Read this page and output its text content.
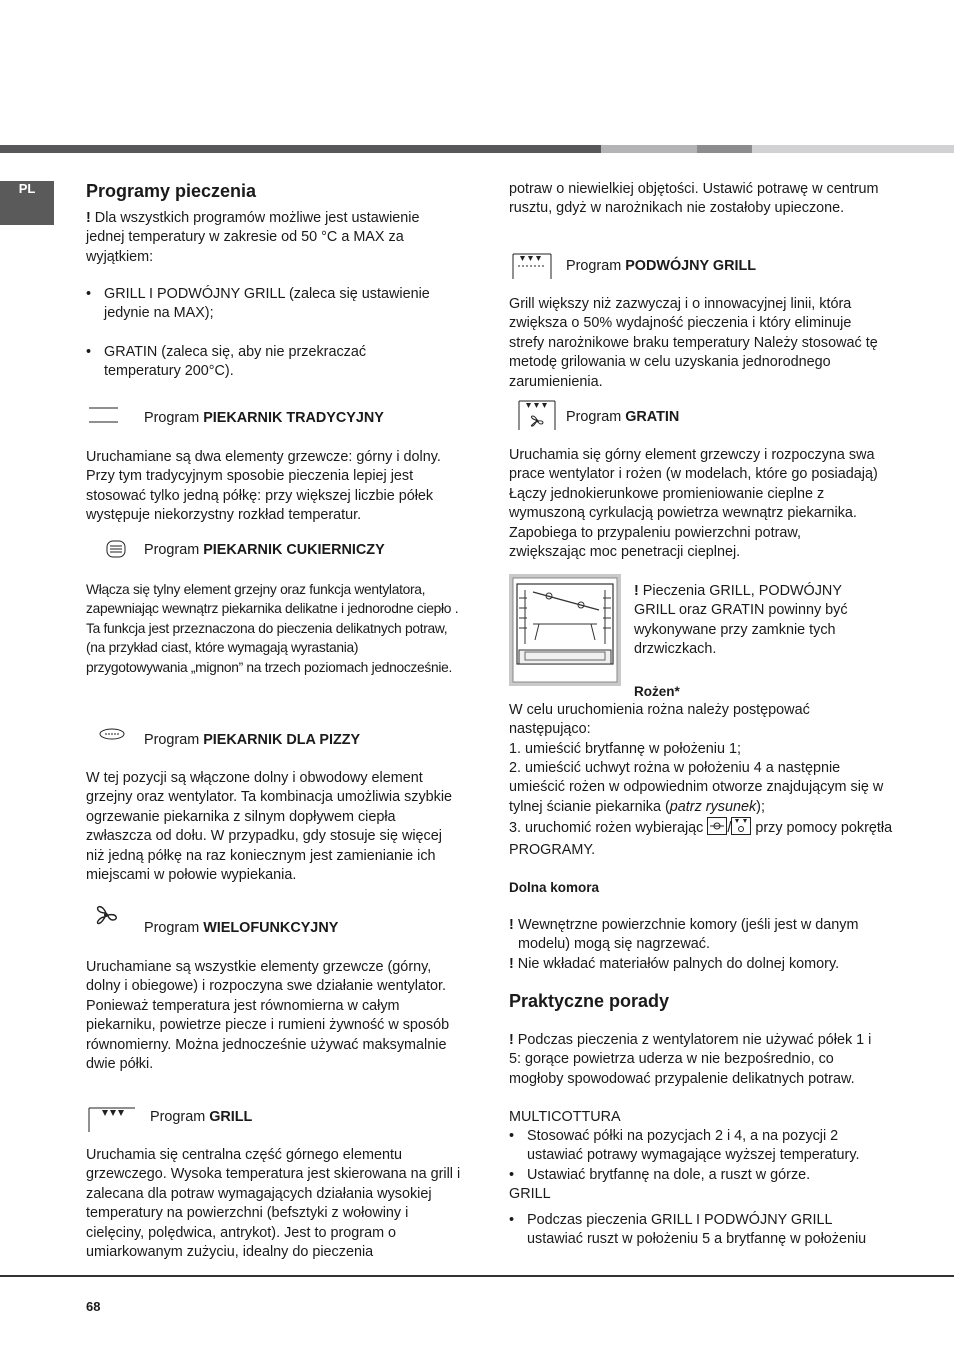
PL	Programy pieczenia
! Dla wszystkich programów możliwe jest ustawienie jednej temperatury w zakresie od 50 °C a MAX za wyjątkiem:
• GRILL I PODWÓJNY GRILL (zaleca się ustawienie jedynie na MAX);
• GRATIN (zaleca się, aby nie przekraczać temperatury 200°C).
Program PIEKARNIK TRADYCYJNY
Uruchamiane są dwa elementy grzewcze: górny i dolny. Przy tym tradycyjnym sposobie pieczenia lepiej jest stosować tylko jedną półkę: przy większej liczbie półek występuje niekorzystny rozkład temperatur.
Program PIEKARNIK CUKIERNICZY
Włącza się tylny element grzejny oraz funkcja wentylatora, zapewniając wewnątrz piekarnika delikatne i jednorodne ciepło . Ta funkcja jest przeznaczona do pieczenia delikatnych potraw, (na przykład ciast, które wymagają wyrastania) przygotowywania „mignon” na trzech poziomach jednocześnie.
Program PIEKARNIK DLA PIZZY
W tej pozycji są włączone dolny i obwodowy element grzejny oraz wentylator. Ta kombinacja umożliwia szybkie ogrzewanie piekarnika z silnym dopływem ciepła zwłaszcza od dołu. W przypadku, gdy stosuje się więcej niż jedną półkę na raz koniecznym jest zamienianie ich miejscami w połowie wypiekania.
Program WIELOFUNKCYJNY
Uruchamiane są wszystkie elementy grzewcze (górny, dolny i obiegowe) i rozpoczyna swe działanie wentylator. Ponieważ temperatura jest równomierna w całym piekarniku, powietrze piecze i rumieni żywność w sposób równomierny. Można jednocześnie używać maksymalnie dwie półki.
Program GRILL
Uruchamia się centralna część górnego elementu grzewczego. Wysoka temperatura jest skierowana na grill i zalecana dla potraw wymagających działania wysokiej temperatury na powierzchni (befsztyki z wołowiny i cielęciny, polędwica, antrykot). Jest to program o umiarkowanym zużyciu, idealny do pieczenia
potraw o niewielkiej objętości. Ustawić potrawę w centrum rusztu, gdyż w narożnikach nie zostałoby upieczone.
Program PODWÓJNY GRILL
Grill większy niż zazwyczaj i o innowacyjnej linii, która zwiększa o 50% wydajność pieczenia i który eliminuje strefy narożnikowe braku temperatury Należy stosować tę metodę grilowania w celu uzyskania jednorodnego zarumienienia.
Program GRATIN
Uruchamia się górny element grzewczy i rozpoczyna swa prace wentylator i rożen (w modelach, które go posiadają) Łączy jednokierunkowe promieniowanie cieplne z wymuszoną cyrkulacją powietrza wewnątrz piekarnika. Zapobiega to przypaleniu powierzchni potraw, zwiększając moc penetracji cieplnej.
! Pieczenia GRILL, PODWÓJNY GRILL oraz GRATIN powinny być wykonywane przy zamknie tych drzwiczkach.
Rożen*
W celu uruchomienia rożna należy postępować następująco:
1. umieścić brytfannę w położeniu 1;
2. umieścić uchwyt rożna w położeniu 4 a następnie umieścić rożen w odpowiednim otworze znajdującym się w tylnej ścianie piekarnika (patrz rysunek);
3. uruchomić rożen wybierając / przy pomocy pokrętła PROGRAMY.
Dolna komora
! Wewnętrzne powierzchnie komory (jeśli jest w danym modelu) mogą się nagrzewać.
! Nie wkładać materiałów palnych do dolnej komory.
Praktyczne porady
! Podczas pieczenia z wentylatorem nie używać półek 1 i 5: gorące powietrza uderza w nie bezpośrednio, co mogłoby spowodować przypalenie delikatnych potraw.
MULTICOTTURA
• Stosować półki na pozycjach 2 i 4, a na pozycji 2 ustawiać potrawy wymagające wyższej temperatury.
• Ustawiać brytfannę na dole, a ruszt w górze.
GRILL
• Podczas pieczenia GRILL I PODWÓJNY GRILL ustawiać ruszt w położeniu 5 a brytfannę w położeniu
68
